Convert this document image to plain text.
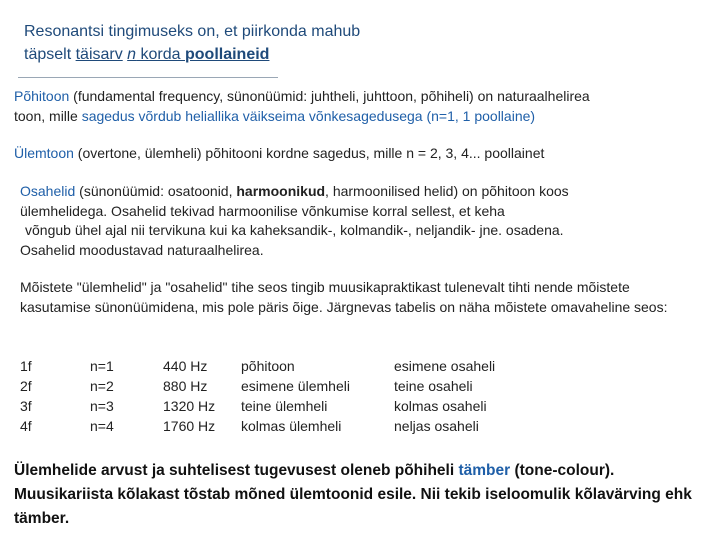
Resonantsi tingimuseks on, et piirkonda mahub
täpselt täisarv n korda poollaineid
Põhitoon (fundamental frequency, sünonüümid: juhtheli, juhttoon, põhiheli) on naturaalhelirea
toon, mille sagedus võrdub heliallika väikseima võnkesagedusega (n=1, 1 poollaine)
Ülemtoon (overtone, ülemheli) põhitooni kordne sagedus, mille n = 2, 3, 4... poollainet
Osahelid (sünonüümid: osatoonid, harmoonikud, harmoonilised helid) on põhitoon koos
ülemhelidega. Osahelid tekivad harmoonilise võnkumise korral sellest, et keha
võngub ühel ajal nii tervikuna kui ka kaheksandik-, kolmandik-, neljandik- jne. osadena.
Osahelid moodustavad naturaalhelirea.
Mõistete "ülemhelid" ja "osahelid" tihe seos tingib muusikapraktikast tulenevalt tihti nende mõistete kasutamise sünonüümidena, mis pole päris õige. Järgnevas tabelis on näha mõistete omavaheline seos:
1f	n=1	440 Hz	põhitoon	esimene osaheli
2f	n=2	880 Hz	esimene ülemheli	teine osaheli
3f	n=3	1320 Hz	teine ülemheli	kolmas osaheli
4f	n=4	1760 Hz	kolmas ülemheli	neljas osaheli
Ülemhelide arvust ja suhtelisest tugevusest oleneb põhiheli tämber (tone-colour). Muusikariista kõlakast tõstab mõned ülemtoonid esile. Nii tekib iseloomulik kõlavärving ehk tämber.
